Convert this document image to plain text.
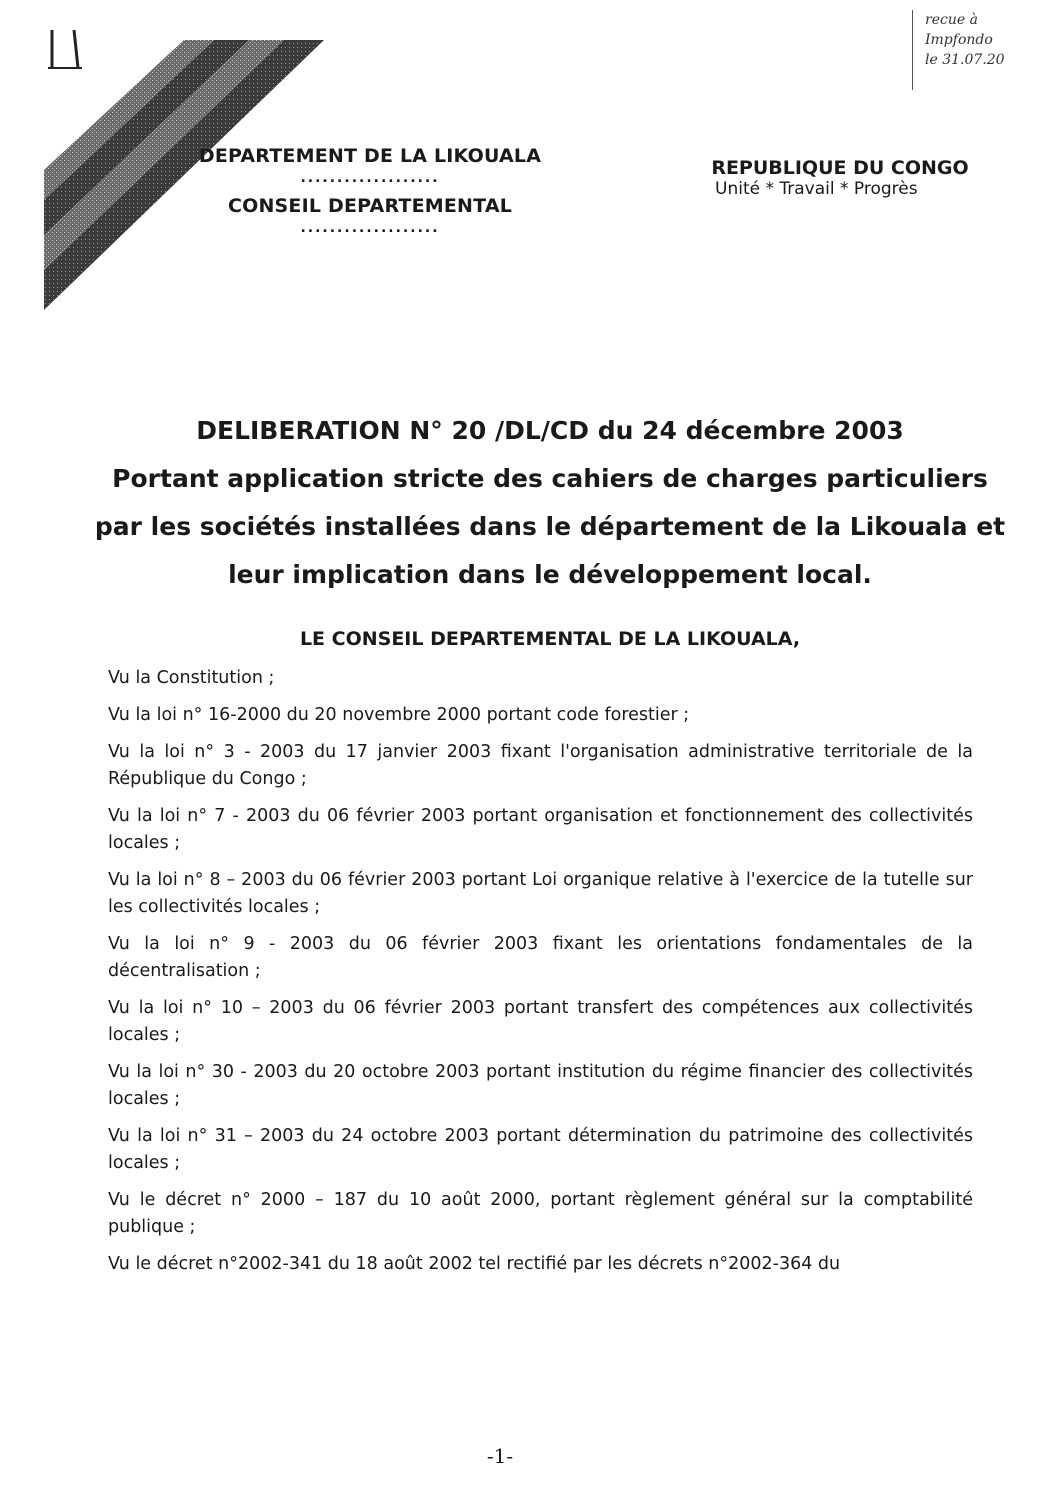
DEPARTEMENT DE LA LIKOUALA
...................
CONSEIL DEPARTEMENTAL
...................
REPUBLIQUE DU CONGO
Unité * Travail * Progrès
recue à
Impfondo
le 31.07.20
DELIBERATION N° 20 /DL/CD du 24 décembre 2003
Portant application stricte des cahiers de charges particuliers
par les sociétés installées dans le département de la Likouala et
leur implication dans le développement local.
LE CONSEIL DEPARTEMENTAL DE LA LIKOUALA,

Vu la Constitution ;

Vu la loi n° 16-2000 du 20 novembre 2000 portant code forestier ;

Vu la loi n° 3 - 2003 du 17 janvier 2003 fixant l'organisation administrative territoriale de la République du Congo ;

Vu la loi n° 7 - 2003 du 06 février 2003 portant organisation et fonctionnement des collectivités locales ;

Vu la loi n° 8 – 2003 du 06 février 2003 portant Loi organique relative à l'exercice de la tutelle sur les collectivités locales ;

Vu la loi n° 9 - 2003 du 06 février 2003 fixant les orientations fondamentales de la décentralisation ;

Vu la loi n° 10 – 2003 du 06 février 2003 portant transfert des compétences aux collectivités locales ;

Vu la loi n° 30 - 2003 du 20 octobre 2003 portant institution du régime financier des collectivités locales ;

Vu la loi n° 31 – 2003 du 24 octobre 2003 portant détermination du patrimoine des collectivités locales ;

Vu le décret n° 2000 – 187 du 10 août 2000, portant règlement général sur la comptabilité publique ;

Vu le décret n°2002-341 du 18 août 2002 tel rectifié par les décrets n°2002-364 du

-1-
